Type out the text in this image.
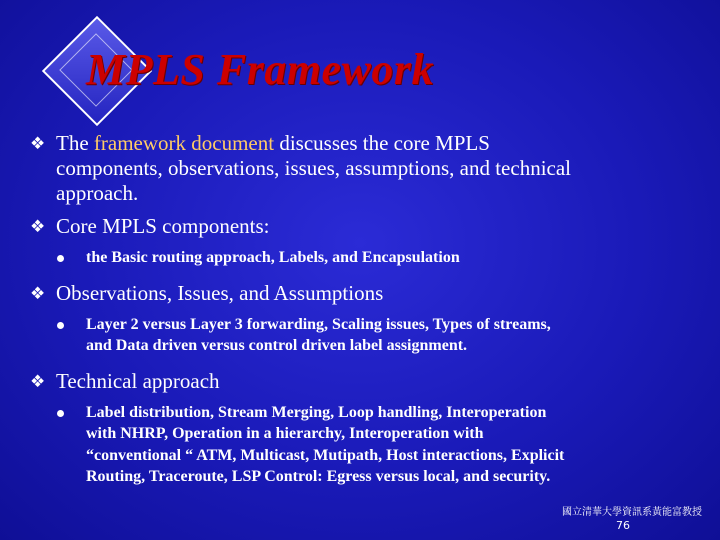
MPLS Framework
❖ The framework document discusses the core MPLS
components, observations, issues, assumptions, and technical
approach.
❖ Core MPLS components:
the Basic routing approach, Labels, and Encapsulation
❖ Observations, Issues, and Assumptions
Layer 2 versus Layer 3 forwarding, Scaling issues, Types of streams,
and Data driven versus control driven label assignment.
❖ Technical approach
Label distribution, Stream Merging, Loop handling, Interoperation
with NHRP, Operation in a hierarchy, Interoperation with
“conventional “ ATM, Multicast, Mutipath, Host interactions, Explicit
Routing, Traceroute, LSP Control: Egress versus local, and security.
國立清華大學資訊系黃能富教授
76
